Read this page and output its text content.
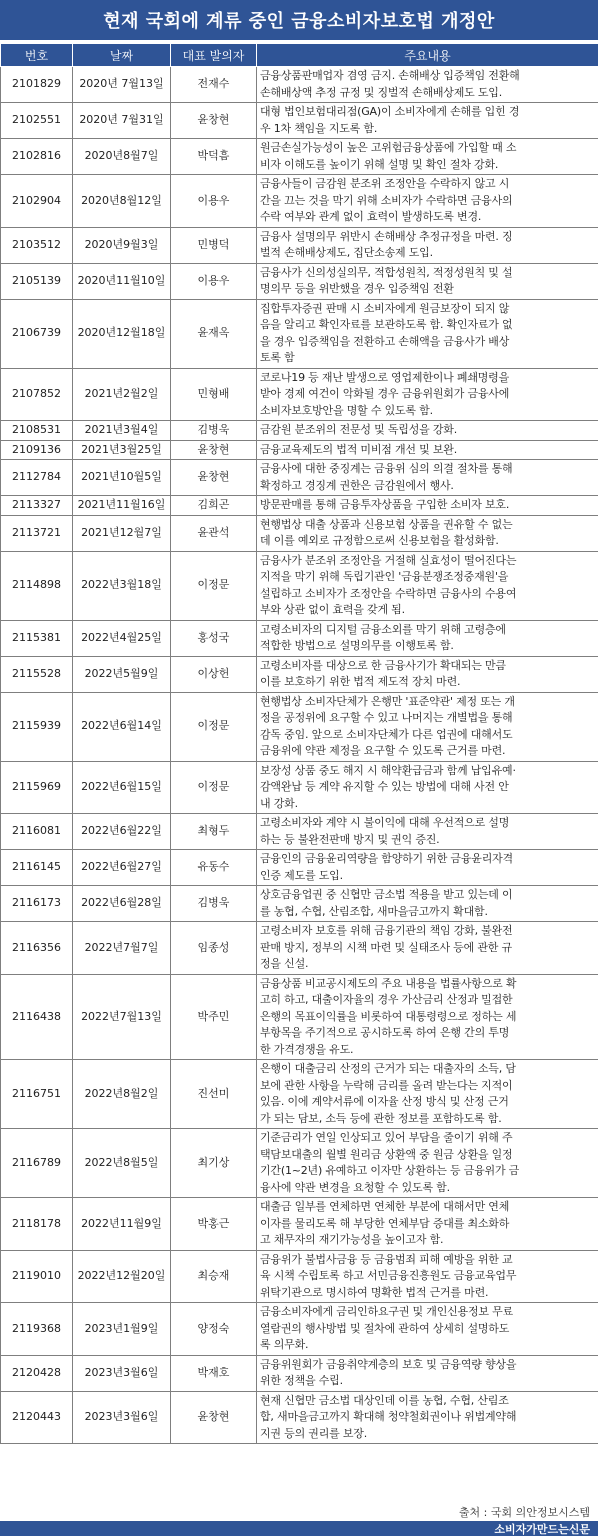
현재 국회에 계류 중인 금융소비자보호법 개정안
번호	날짜	대표 발의자	주요내용
2101829	2020년 7월13일	전재수	금융상품판매업자 겸영 금지. 손해배상 입증책임 전환해
손해배상액 추정 규정 및 징벌적 손해배상제도 도입.
2102551	2020년 7월31일	윤창현	대형 법인보험대리점(GA)이 소비자에게 손해를 입힌 경
우 1차 책임을 지도록 함.
2102816	2020년8월7일	박덕흠	원금손실가능성이 높은 고위험금융상품에 가입할 때 소
비자 이해도를 높이기 위해 설명 및 확인 절차 강화.
2102904	2020년8월12일	이용우	금융사들이 금감원 분조위 조정안을 수락하지 않고 시
간을 끄는 것을 막기 위해 소비자가 수락하면 금융사의
수락 여부와 관계 없이 효력이 발생하도록 변경.
2103512	2020년9월3일	민병덕	금융사 설명의무 위반시 손해배상 추정규정을 마련. 징
벌적 손해배상제도, 집단소송제 도입.
2105139	2020년11월10일	이용우	금융사가 신의성실의무, 적합성원칙, 적정성원칙 및 설
명의무 등을 위반했을 경우 입증책임 전환
2106739	2020년12월18일	윤재옥	집합투자증권 판매 시 소비자에게 원금보장이 되지 않
음을 알리고 확인자료를 보관하도록 함. 확인자료가 없
을 경우 입증책임을 전환하고 손해액을 금융사가 배상
토록 함
2107852	2021년2월2일	민형배	코로나19 등 재난 발생으로 영업제한이나 폐쇄명령을
받아 경제 여건이 악화될 경우 금융위원회가 금융사에
소비자보호방안을 명할 수 있도록 함.
2108531	2021년3월4일	김병욱	금감원 분조위의 전문성 및 독립성을 강화.
2109136	2021년3월25일	윤창현	금융교육제도의 법적 미비점 개선 및 보완.
2112784	2021년10월5일	윤창현	금융사에 대한 중징계는 금융위 심의 의결 절차를 통해
확정하고 경징계 권한은 금감원에서 행사.
2113327	2021년11월16일	김희곤	방문판매를 통해 금융투자상품을 구입한 소비자 보호.
2113721	2021년12월7일	윤관석	현행법상 대출 상품과 신용보험 상품을 권유할 수 없는
데 이를 예외로 규정함으로써 신용보험을 활성화함.
2114898	2022년3월18일	이정문	금융사가 분조위 조정안을 거절해 실효성이 떨어진다는
지적을 막기 위해 독립기관인 '금융분쟁조정중재원'을
설립하고 소비자가 조정안을 수락하면 금융사의 수용여
부와 상관 없이 효력을 갖게 됨.
2115381	2022년4월25일	홍성국	고령소비자의 디지털 금융소외를 막기 위해 고령층에
적합한 방법으로 설명의무를 이행토록 함.
2115528	2022년5월9일	이상헌	고령소비자를 대상으로 한 금융사기가 확대되는 만큼
이를 보호하기 위한 법적 제도적 장치 마련.
2115939	2022년6월14일	이정문	현행법상 소비자단체가 은행만 '표준약관' 제정 또는 개
정을 공정위에 요구할 수 있고 나머지는 개별법을 통해
감독 중임. 앞으로 소비자단체가 다른 업권에 대해서도
금융위에 약관 제정을 요구할 수 있도록 근거를 마련.
2115969	2022년6월15일	이정문	보장성 상품 중도 해지 시 해약환급금과 함께 납입유예·
감액완납 등 계약 유지할 수 있는 방법에 대해 사전 안
내 강화.
2116081	2022년6월22일	최형두	고령소비자와 계약 시 불이익에 대해 우선적으로 설명
하는 등 불완전판매 방지 및 권익 증진.
2116145	2022년6월27일	유동수	금융인의 금융윤리역량을 함양하기 위한 금융윤리자격
인증 제도를 도입.
2116173	2022년6월28일	김병욱	상호금융업권 중 신협만 금소법 적용을 받고 있는데 이
를 농협, 수협, 산림조합, 새마을금고까지 확대함.
2116356	2022년7월7일	임종성	고령소비자 보호를 위해 금융기관의 책임 강화, 불완전
판매 방지, 정부의 시책 마련 및 실태조사 등에 관한 규
정을 신설.
2116438	2022년7월13일	박주민	금융상품 비교공시제도의 주요 내용을 법률사항으로 확
고히 하고, 대출이자율의 경우 가산금리 산정과 밀접한
은행의 목표이익률을 비롯하여 대통령령으로 정하는 세
부항목을 주기적으로 공시하도록 하여 은행 간의 투명
한 가격경쟁을 유도.
2116751	2022년8월2일	진선미	은행이 대출금리 산정의 근거가 되는 대출자의 소득, 담
보에 관한 사항을 누락해 금리를 올려 받는다는 지적이
있음. 이에 계약서류에 이자율 산정 방식 및 산정 근거
가 되는 담보, 소득 등에 관한 정보를 포함하도록 함.
2116789	2022년8월5일	최기상	기준금리가 연일 인상되고 있어 부담을 줄이기 위해 주
택담보대출의 월별 원리금 상환액 중 원금 상환을 일정
기간(1~2년) 유예하고 이자만 상환하는 등 금융위가 금
융사에 약관 변경을 요청할 수 있도록 함.
2118178	2022년11월9일	박홍근	대출금 일부를 연체하면 연체한 부분에 대해서만 연체
이자를 물리도록 해 부당한 연체부담 증대를 최소화하
고 채무자의 재기가능성을 높이고자 함.
2119010	2022년12월20일	최승재	금융위가 불법사금융 등 금융범죄 피해 예방을 위한 교
육 시책 수립토록 하고 서민금융진흥원도 금융교육업무
위탁기관으로 명시하여 명확한 법적 근거를 마련.
2119368	2023년1월9일	양정숙	금융소비자에게 금리인하요구권 및 개인신용정보 무료
열람권의 행사방법 및 절차에 관하여 상세히 설명하도
록 의무화.
2120428	2023년3월6일	박재호	금융위원회가 금융취약계층의 보호 및 금융역량 향상을
위한 정책을 수립.
2120443	2023년3월6일	윤창현	현재 신협만 금소법 대상인데 이를 농협, 수협, 산림조
합, 새마을금고까지 확대해 청약철회권이나 위법계약해
지권 등의 권리를 보장.
출처 : 국회 의안정보시스템
소비자가만드는신문
